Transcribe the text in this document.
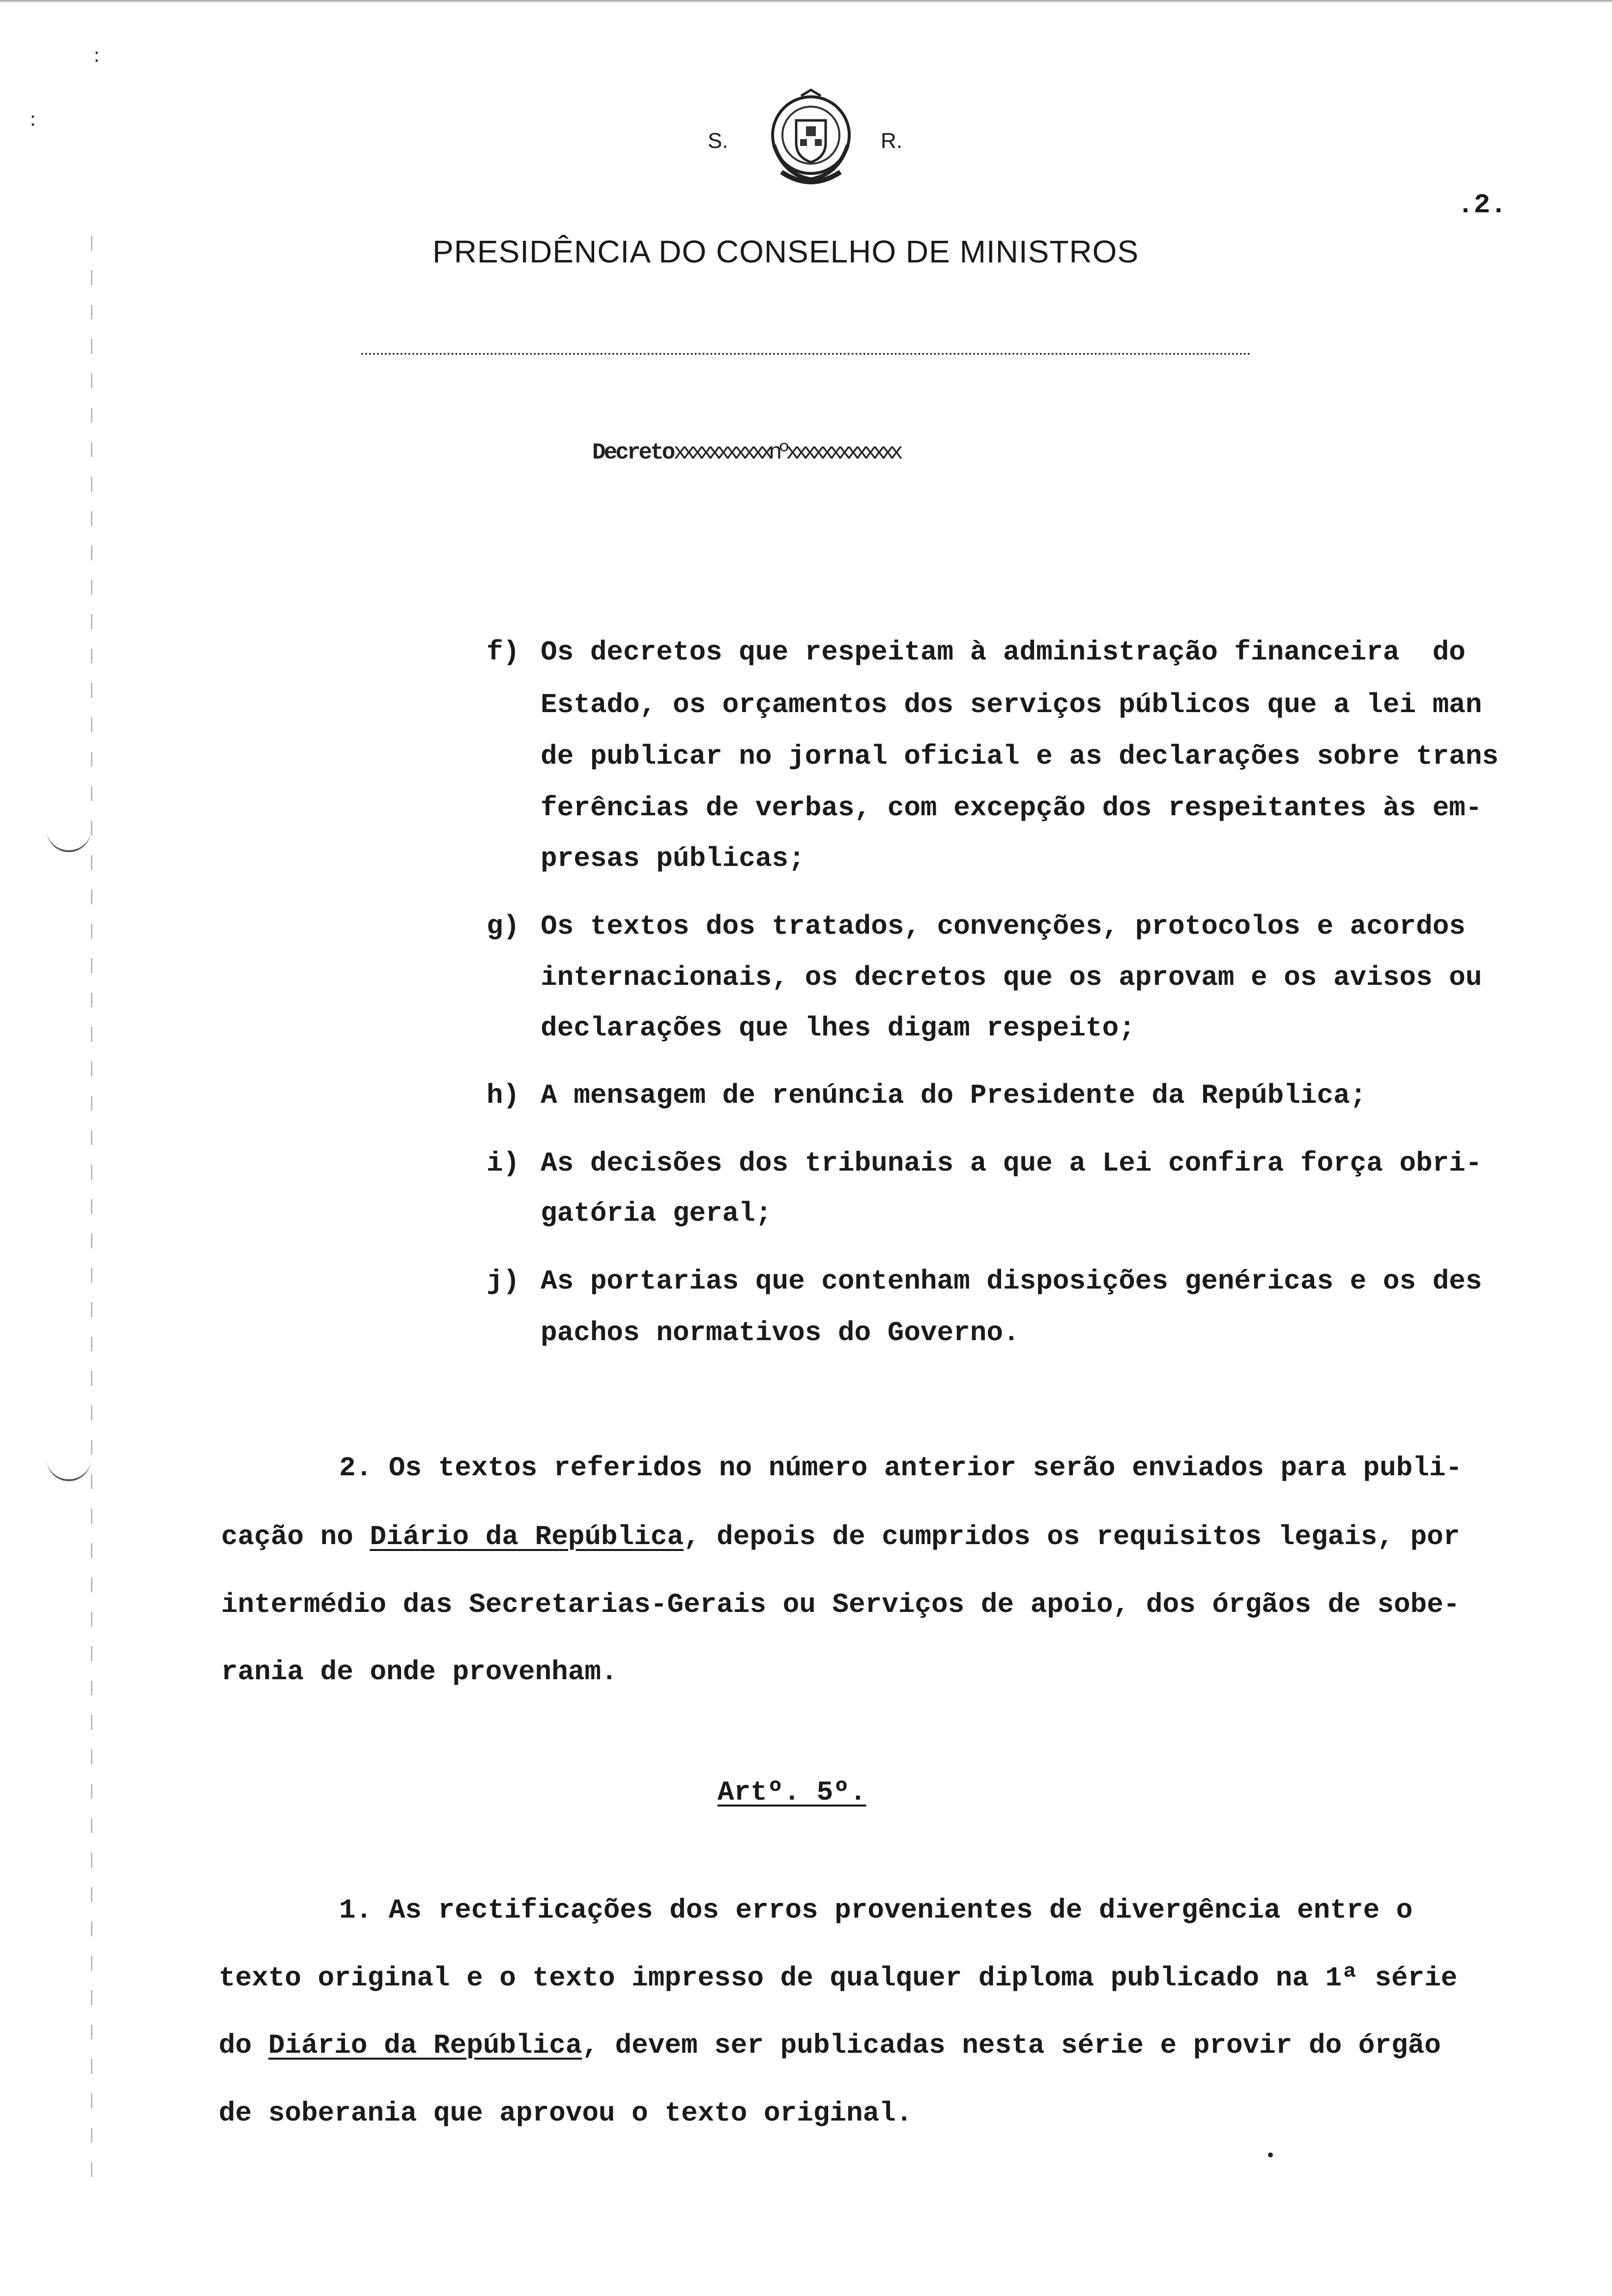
:
:
S.	R.
.2.
PRESIDÊNCIA DO CONSELHO DE MINISTROS
Decretoxxxxxxxxxxxnºxxxxxxxxxxxxx
f) Os decretos que respeitam à administração financeira  do
Estado, os orçamentos dos serviços públicos que a lei man
de publicar no jornal oficial e as declarações sobre trans
ferências de verbas, com excepção dos respeitantes às em-
presas públicas;
g) Os textos dos tratados, convenções, protocolos e acordos
internacionais, os decretos que os aprovam e os avisos ou
declarações que lhes digam respeito;
h) A mensagem de renúncia do Presidente da República;
i) As decisões dos tribunais a que a Lei confira força obri-
gatória geral;
j) As portarias que contenham disposições genéricas e os des
pachos normativos do Governo.
2. Os textos referidos no número anterior serão enviados para publi-
cação no Diário da República, depois de cumpridos os requisitos legais, por
intermédio das Secretarias-Gerais ou Serviços de apoio, dos órgãos de sobe-
rania de onde provenham.
Artº. 5º.
1. As rectificações dos erros provenientes de divergência entre o
texto original e o texto impresso de qualquer diploma publicado na 1ª série
do Diário da República, devem ser publicadas nesta série e provir do órgão
de soberania que aprovou o texto original.
